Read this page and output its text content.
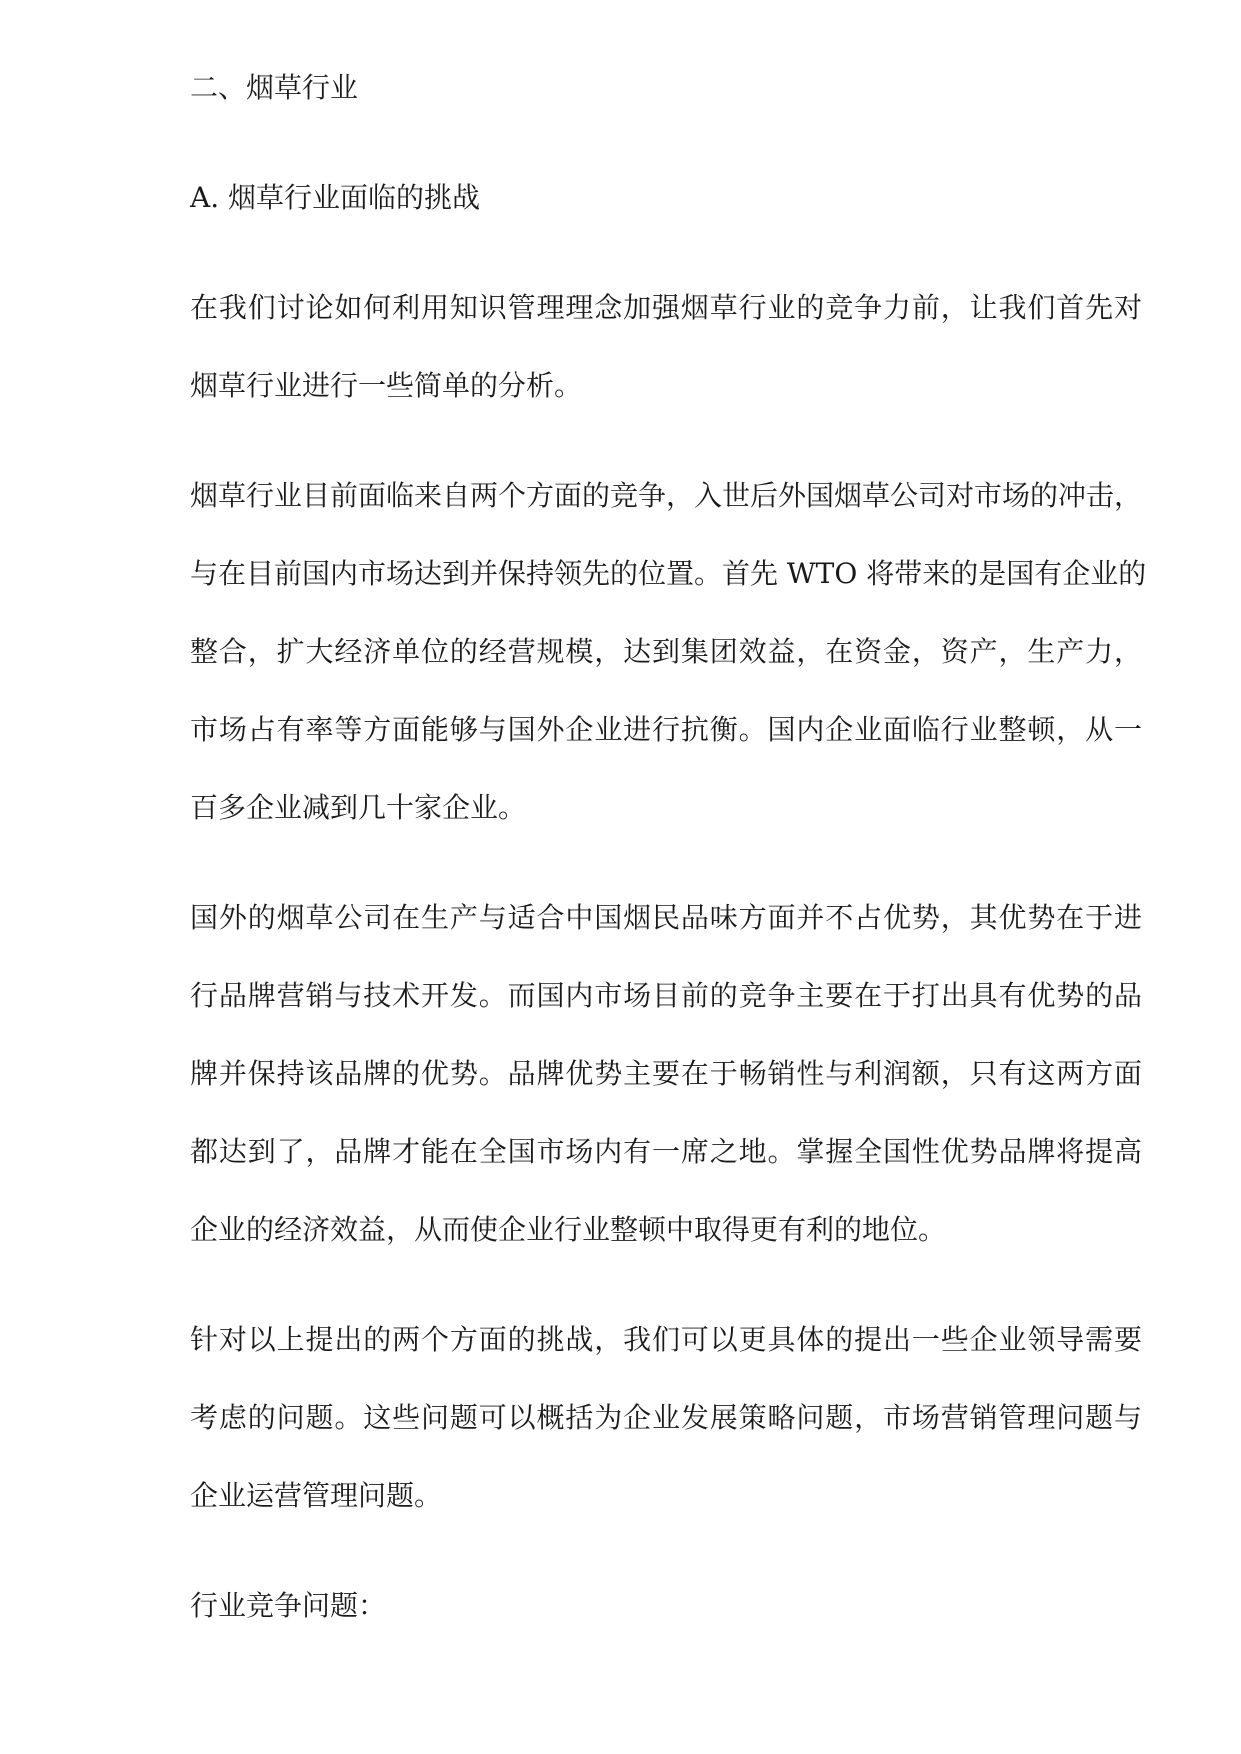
二、烟草行业
A. 烟草行业面临的挑战
在我们讨论如何利用知识管理理念加强烟草行业的竞争力前，让我们首先对
烟草行业进行一些简单的分析。
烟草行业目前面临来自两个方面的竞争，入世后外国烟草公司对市场的冲击，
与在目前国内市场达到并保持领先的位置。首先 WTO 将带来的是国有企业的
整合，扩大经济单位的经营规模，达到集团效益，在资金，资产，生产力，
市场占有率等方面能够与国外企业进行抗衡。国内企业面临行业整顿，从一
百多企业减到几十家企业。
国外的烟草公司在生产与适合中国烟民品味方面并不占优势，其优势在于进
行品牌营销与技术开发。而国内市场目前的竞争主要在于打出具有优势的品
牌并保持该品牌的优势。品牌优势主要在于畅销性与利润额，只有这两方面
都达到了，品牌才能在全国市场内有一席之地。掌握全国性优势品牌将提高
企业的经济效益，从而使企业行业整顿中取得更有利的地位。
针对以上提出的两个方面的挑战，我们可以更具体的提出一些企业领导需要
考虑的问题。这些问题可以概括为企业发展策略问题，市场营销管理问题与
企业运营管理问题。
行业竞争问题：
